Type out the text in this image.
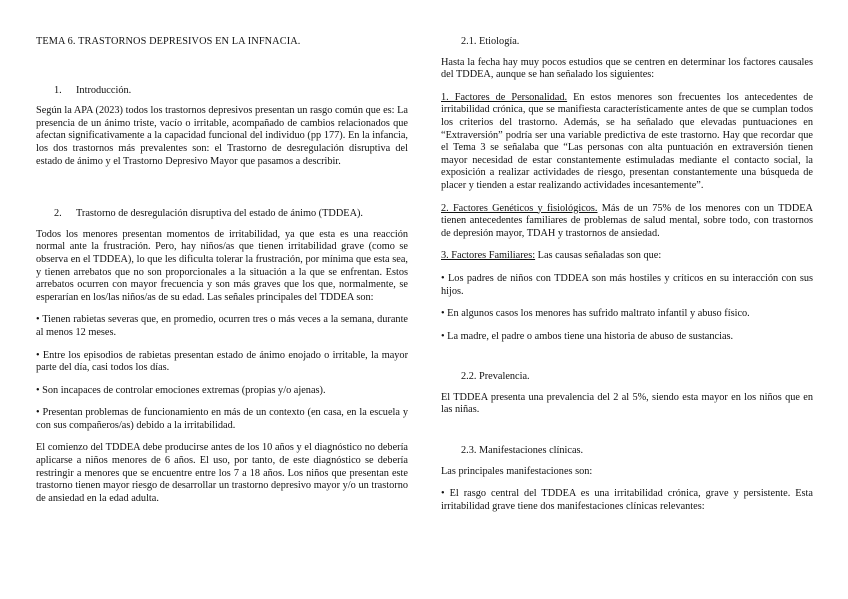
TEMA 6. TRASTORNOS DEPRESIVOS EN LA INFNACIA.

1. Introducción.

Según la APA (2023) todos los trastornos depresivos presentan un rasgo común que es: La presencia de un ánimo triste, vacío o irritable, acompañado de cambios relacionados que afectan significativamente a la capacidad funcional del individuo (pp 177). En la infancia, los dos trastornos más prevalentes son: el Trastorno de desregulación disruptiva del estado de ánimo y el Trastorno Depresivo Mayor que pasamos a describir.

2. Trastorno de desregulación disruptiva del estado de ánimo (TDDEA).

Todos los menores presentan momentos de irritabilidad, ya que esta es una reacción normal ante la frustración. Pero, hay niños/as que tienen irritabilidad grave (como se observa en el TDDEA), lo que les dificulta tolerar la frustración, por mínima que esta sea, y tienen arrebatos que no son proporcionales a la situación a la que se enfrentan. Estos arrebatos ocurren con mayor frecuencia y son más graves que los que, normalmente, se esperarían en los/las niños/as de su edad. Las señales principales del TDDEA son:

• Tienen rabietas severas que, en promedio, ocurren tres o más veces a la semana, durante al menos 12 meses.

• Entre los episodios de rabietas presentan estado de ánimo enojado o irritable, la mayor parte del día, casi todos los días.

• Son incapaces de controlar emociones extremas (propias y/o ajenas).

• Presentan problemas de funcionamiento en más de un contexto (en casa, en la escuela y con sus compañeros/as) debido a la irritabilidad.

El comienzo del TDDEA debe producirse antes de los 10 años y el diagnóstico no debería aplicarse a niños menores de 6 años. El uso, por tanto, de este diagnóstico se debería restringir a menores que se encuentre entre los 7 a 18 años. Los niños que presentan este trastorno tienen mayor riesgo de desarrollar un trastorno depresivo mayor y/o un trastorno de ansiedad en la edad adulta.

2.1. Etiología.

Hasta la fecha hay muy pocos estudios que se centren en determinar los factores causales del TDDEA, aunque se han señalado los siguientes:

1. Factores de Personalidad. En estos menores son frecuentes los antecedentes de irritabilidad crónica, que se manifiesta característicamente antes de que se cumplan todos los criterios del trastorno. Además, se ha señalado que elevadas puntuaciones en “Extraversión” podría ser una variable predictiva de este trastorno. Hay que recordar que el Tema 3 se señalaba que “Las personas con alta puntuación en extraversión tienen mayor necesidad de estar constantemente estimuladas mediante el contacto social, la exposición a realizar actividades de riesgo, presentan constantemente una búsqueda de placer y tienden a estar realizando actividades incesantemente”.

2. Factores Genéticos y fisiológicos. Más de un 75% de los menores con un TDDEA tienen antecedentes familiares de problemas de salud mental, sobre todo, con trastornos de depresión mayor, TDAH y trastornos de ansiedad.

3. Factores Familiares: Las causas señaladas son que:

• Los padres de niños con TDDEA son más hostiles y críticos en su interacción con sus hijos.

• En algunos casos los menores has sufrido maltrato infantil y abuso físico.

• La madre, el padre o ambos tiene una historia de abuso de sustancias.

2.2. Prevalencia.

El TDDEA presenta una prevalencia del 2 al 5%, siendo esta mayor en los niños que en las niñas.

2.3. Manifestaciones clínicas.

Las principales manifestaciones son:

• El rasgo central del TDDEA es una irritabilidad crónica, grave y persistente. Esta irritabilidad grave tiene dos manifestaciones clínicas relevantes:
